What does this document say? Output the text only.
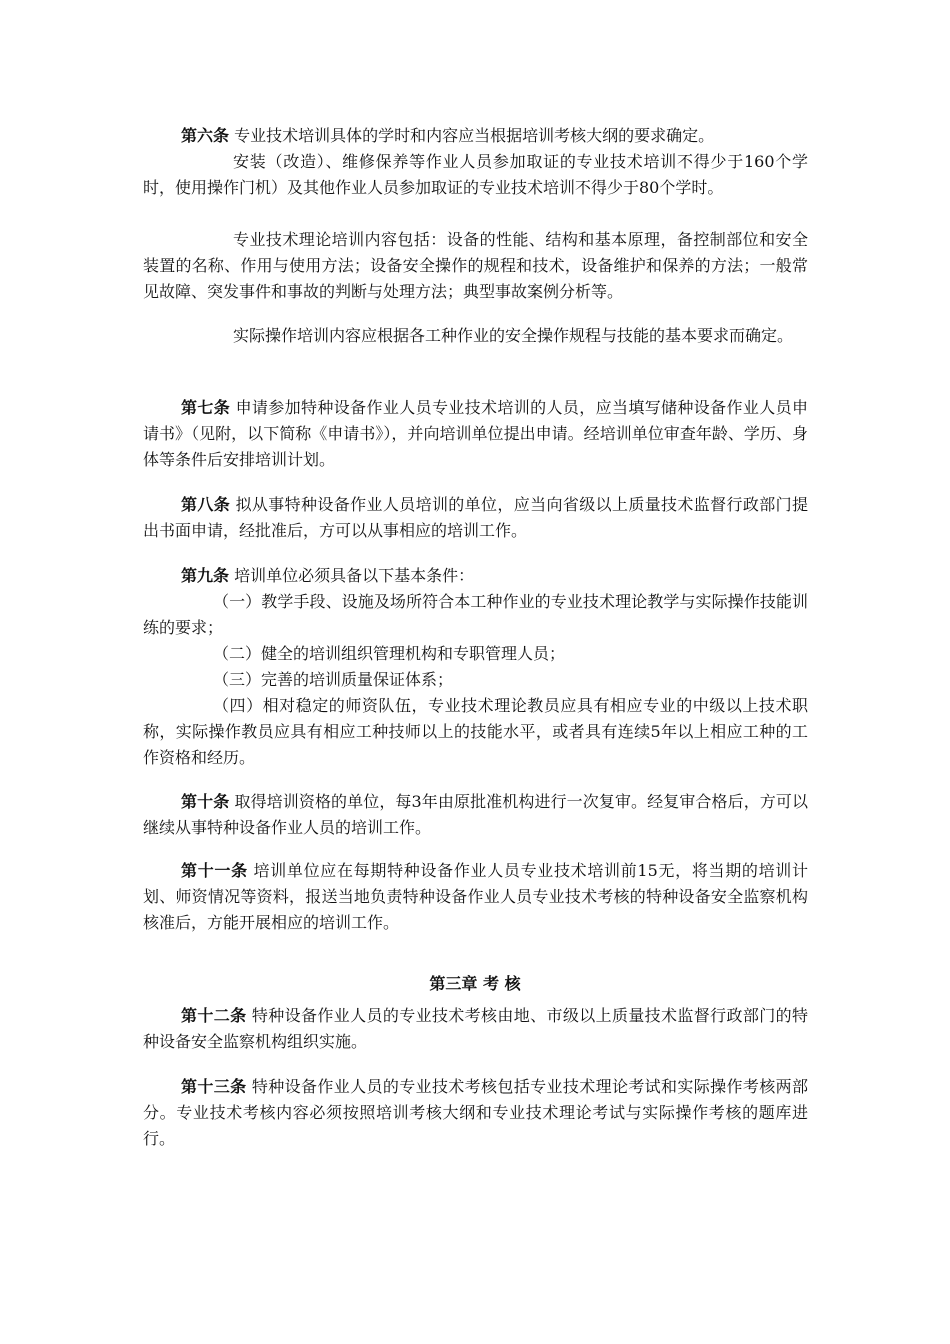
第六条 专业技术培训具体的学时和内容应当根据培训考核大纲的要求确定。

安装（改造）、维修保养等作业人员参加取证的专业技术培训不得少于160个学时，使用操作门机）及其他作业人员参加取证的专业技术培训不得少于80个学时。

专业技术理论培训内容包括：设备的性能、结构和基本原理，备控制部位和安全装置的名称、作用与使用方法；设备安全操作的规程和技术，设备维护和保养的方法；一般常见故障、突发事件和事故的判断与处理方法；典型事故案例分析等。

实际操作培训内容应根据各工种作业的安全操作规程与技能的基本要求而确定。

第七条 申请参加特种设备作业人员专业技术培训的人员，应当填写储种设备作业人员申请书》（见附，以下简称《申请书》），并向培训单位提出申请。经培训单位审查年龄、学历、身体等条件后安排培训计划。

第八条 拟从事特种设备作业人员培训的单位，应当向省级以上质量技术监督行政部门提出书面申请，经批准后，方可以从事相应的培训工作。

第九条 培训单位必须具备以下基本条件：

（一）教学手段、设施及场所符合本工种作业的专业技术理论教学与实际操作技能训练的要求；

（二）健全的培训组织管理机构和专职管理人员；

（三）完善的培训质量保证体系；

（四）相对稳定的师资队伍，专业技术理论教员应具有相应专业的中级以上技术职称，实际操作教员应具有相应工种技师以上的技能水平，或者具有连续5年以上相应工种的工作资格和经历。

第十条 取得培训资格的单位，每3年由原批准机构进行一次复审。经复审合格后，方可以继续从事特种设备作业人员的培训工作。

第十一条 培训单位应在每期特种设备作业人员专业技术培训前15无，将当期的培训计划、师资情况等资料，报送当地负责特种设备作业人员专业技术考核的特种设备安全监察机构核准后，方能开展相应的培训工作。

第三章 考 核

第十二条 特种设备作业人员的专业技术考核由地、市级以上质量技术监督行政部门的特种设备安全监察机构组织实施。

第十三条 特种设备作业人员的专业技术考核包括专业技术理论考试和实际操作考核两部分。专业技术考核内容必须按照培训考核大纲和专业技术理论考试与实际操作考核的题库进行。
